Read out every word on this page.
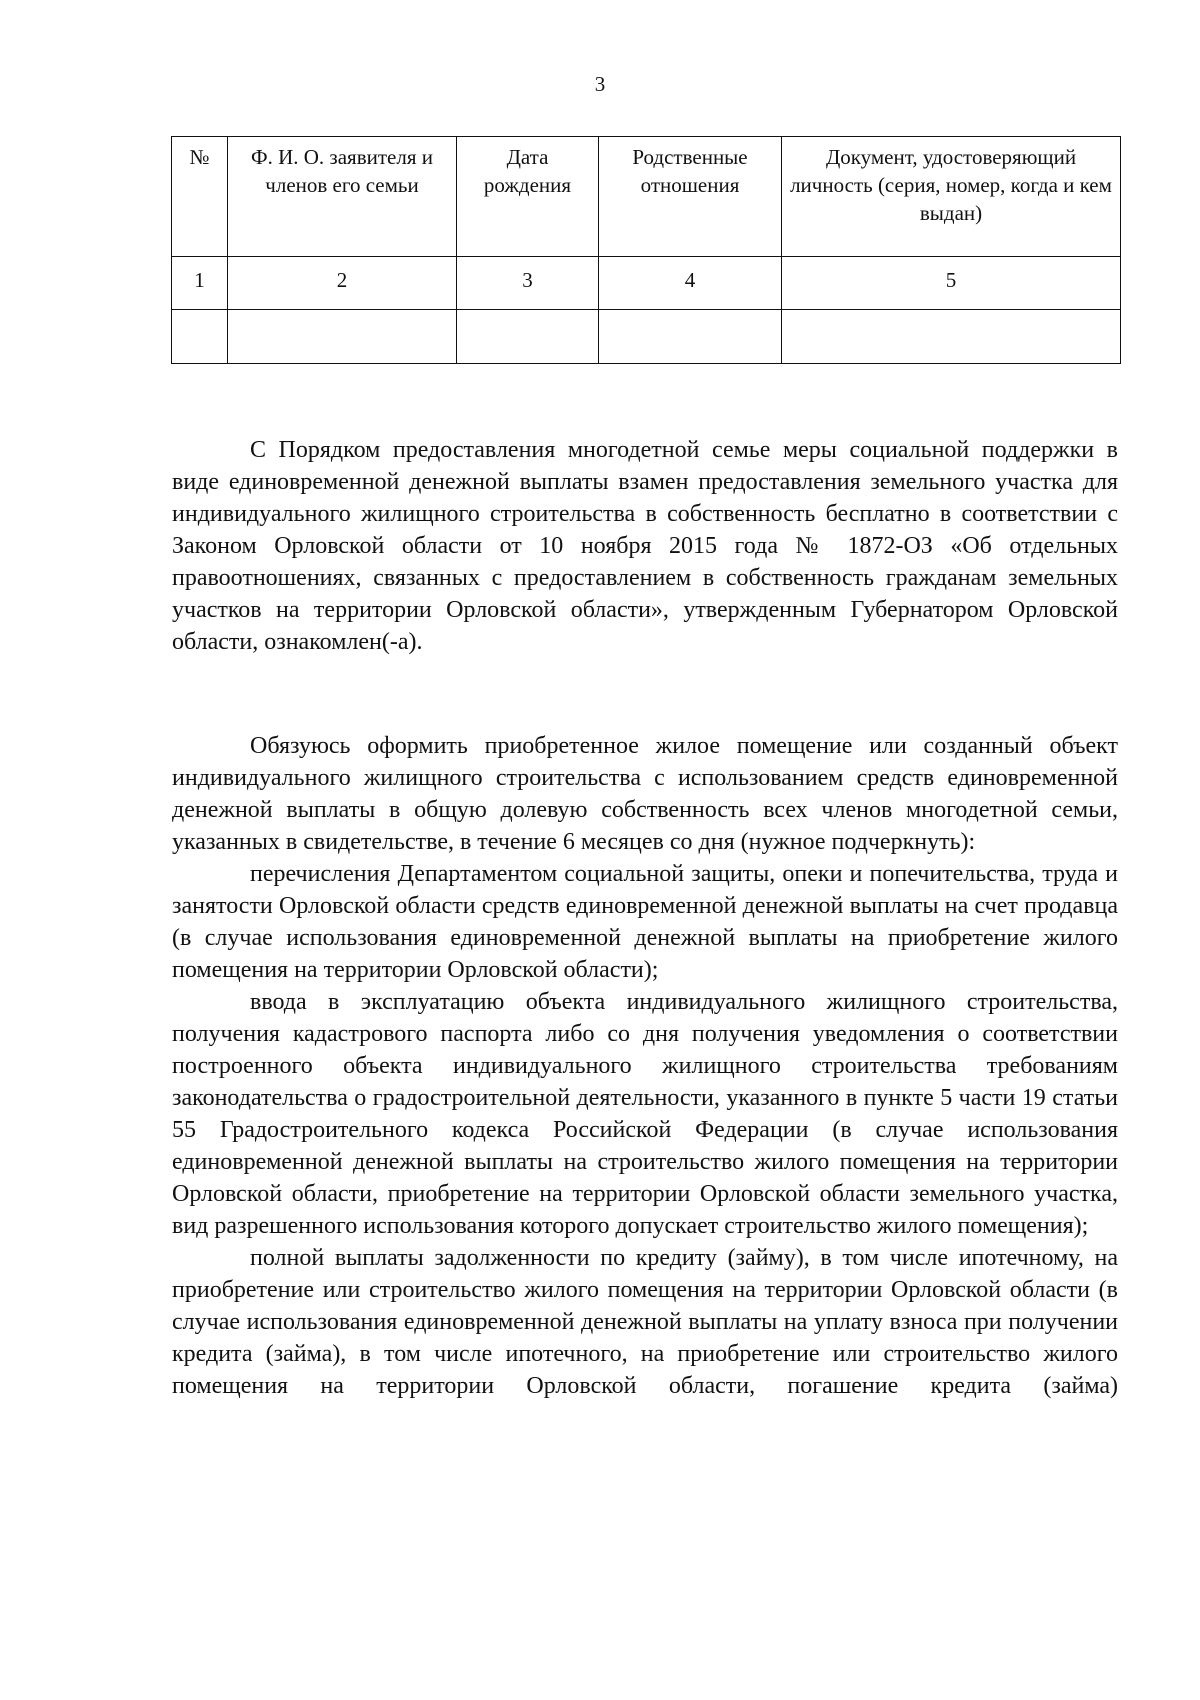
3
№	Ф. И. О. заявителя и членов его семьи	Дата рождения	Родственные отношения	Документ, удостоверяющий личность (серия, номер, когда и кем выдан)
1	2	3	4	5

С Порядком предоставления многодетной семье меры социальной поддержки в виде единовременной денежной выплаты взамен предоставления земельного участка для индивидуального жилищного строительства в собственность бесплатно в соответствии с Законом Орловской области от 10 ноября 2015 года № 1872-ОЗ «Об отдельных правоотношениях, связанных с предоставлением в собственность гражданам земельных участков на территории Орловской области», утвержденным Губернатором Орловской области, ознакомлен(-а).

Обязуюсь оформить приобретенное жилое помещение или созданный объект индивидуального жилищного строительства с использованием средств единовременной денежной выплаты в общую долевую собственность всех членов многодетной семьи, указанных в свидетельстве, в течение 6 месяцев со дня (нужное подчеркнуть):

перечисления Департаментом социальной защиты, опеки и попечительства, труда и занятости Орловской области средств единовременной денежной выплаты на счет продавца (в случае использования единовременной денежной выплаты на приобретение жилого помещения на территории Орловской области);

ввода в эксплуатацию объекта индивидуального жилищного строительства, получения кадастрового паспорта либо со дня получения уведомления о соответствии построенного объекта индивидуального жилищного строительства требованиям законодательства о градостроительной деятельности, указанного в пункте 5 части 19 статьи 55 Градостроительного кодекса Российской Федерации (в случае использования единовременной денежной выплаты на строительство жилого помещения на территории Орловской области, приобретение на территории Орловской области земельного участка, вид разрешенного использования которого допускает строительство жилого помещения);

полной выплаты задолженности по кредиту (займу), в том числе ипотечному, на приобретение или строительство жилого помещения на территории Орловской области (в случае использования единовременной денежной выплаты на уплату взноса при получении кредита (займа), в том числе ипотечного, на приобретение или строительство жилого помещения на территории Орловской области, погашение кредита (займа)
